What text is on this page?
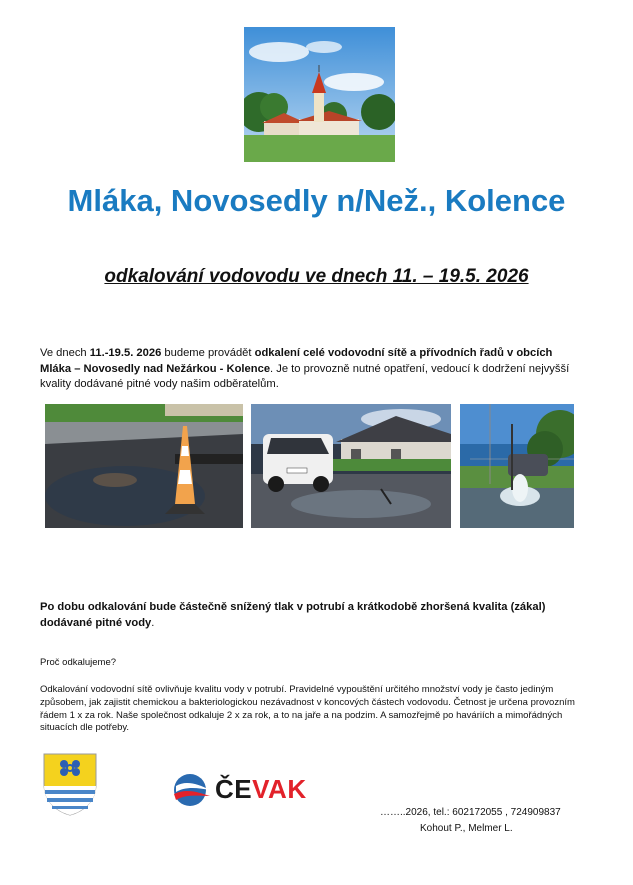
Mláka, Novosedly n/Než., Kolence
odkalování vodovodu ve dnech 11. – 19.5. 2026
Ve dnech 11.-19.5. 2026 budeme provádět odkalení celé vodovodní sítě a přívodních řadů v obcích Mláka – Novosedly nad Nežárkou - Kolence. Je to provozně nutné opatření, vedoucí k dodržení nejvyšší kvality dodávané pitné vody našim odběratelům.
Po dobu odkalování bude částečně snížený tlak v potrubí a krátkodobě zhoršená kvalita (zákal) dodávané pitné vody.
Proč odkalujeme?
Odkalování vodovodní sítě ovlivňuje kvalitu vody v potrubí. Pravidelné vypouštění určitého množství vody je často jediným způsobem, jak zajistit chemickou a bakteriologickou nezávadnost v koncových částech vodovodu. Četnost je určena provozním řádem 1 x za rok. Naše společnost odkaluje 2 x za rok, a to na jaře a na podzim. A samozřejmě po haváriích a mimořádných situacích dle potřeby.
ČEVAK
……..2026, tel.: 602172055 , 724909837
Kohout P., Melmer L.
